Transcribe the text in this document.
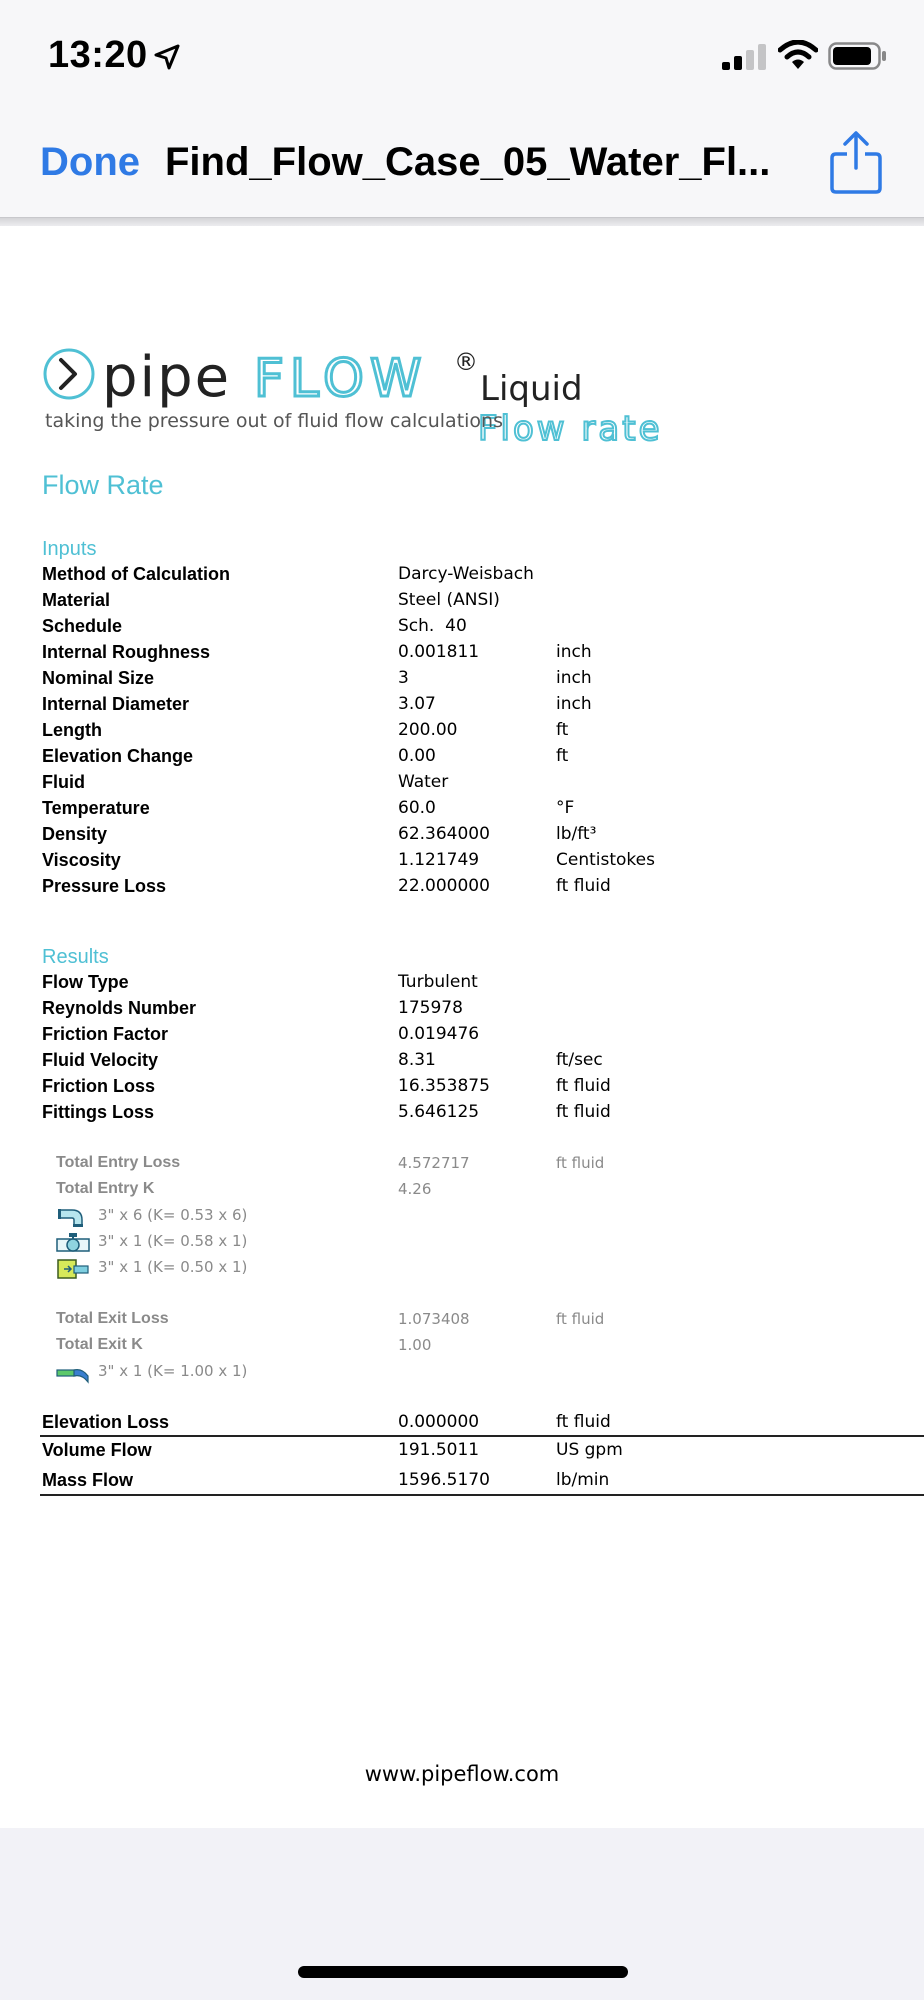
13:20
Done Find_Flow_Case_05_Water_Fl...
pipe FLOW ®
Liquid
Flow rate
taking the pressure out of fluid flow calculations
Flow Rate
Inputs
Method of Calculation	Darcy-Weisbach
Material	Steel (ANSI)
Schedule	Sch.  40
Internal Roughness	0.001811	inch
Nominal Size	3	inch
Internal Diameter	3.07	inch
Length	200.00	ft
Elevation Change	0.00	ft
Fluid	Water
Temperature	60.0	°F
Density	62.364000	lb/ft³
Viscosity	1.121749	Centistokes
Pressure Loss	22.000000	ft fluid
Results
Flow Type	Turbulent
Reynolds Number	175978
Friction Factor	0.019476
Fluid Velocity	8.31	ft/sec
Friction Loss	16.353875	ft fluid
Fittings Loss	5.646125	ft fluid
Total Entry Loss	4.572717	ft fluid
Total Entry K	4.26
3" x 6 (K= 0.53 x 6)
3" x 1 (K= 0.58 x 1)
3" x 1 (K= 0.50 x 1)
Total Exit Loss	1.073408	ft fluid
Total Exit K	1.00
3" x 1 (K= 1.00 x 1)
Elevation Loss	0.000000	ft fluid
Volume Flow	191.5011	US gpm
Mass Flow	1596.5170	lb/min
www.pipeflow.com
